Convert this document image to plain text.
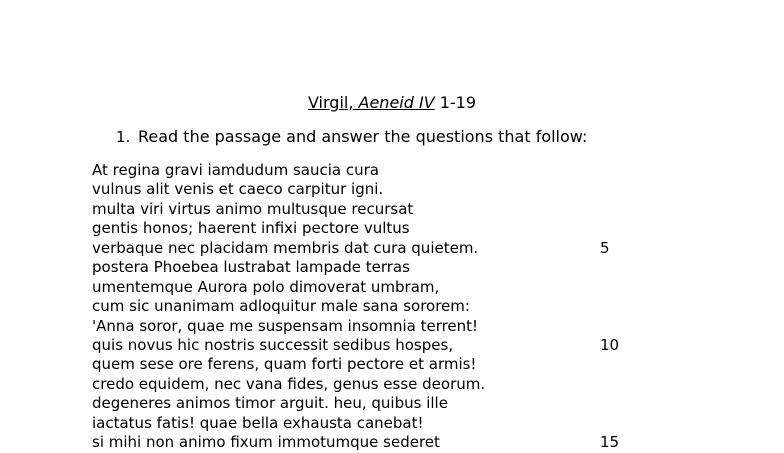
Virgil, Aeneid IV 1-19
1. Read the passage and answer the questions that follow:
At regina gravi iamdudum saucia cura
vulnus alit venis et caeco carpitur igni.
multa viri virtus animo multusque recursat
gentis honos; haerent infixi pectore vultus
verbaque nec placidam membris dat cura quietem.	5
postera Phoebea lustrabat lampade terras
umentemque Aurora polo dimoverat umbram,
cum sic unanimam adloquitur male sana sororem:
'Anna soror, quae me suspensam insomnia terrent!
quis novus hic nostris successit sedibus hospes,	10
quem sese ore ferens, quam forti pectore et armis!
credo equidem, nec vana fides, genus esse deorum.
degeneres animos timor arguit. heu, quibus ille
iactatus fatis! quae bella exhausta canebat!
si mihi non animo fixum immotumque sederet	15
